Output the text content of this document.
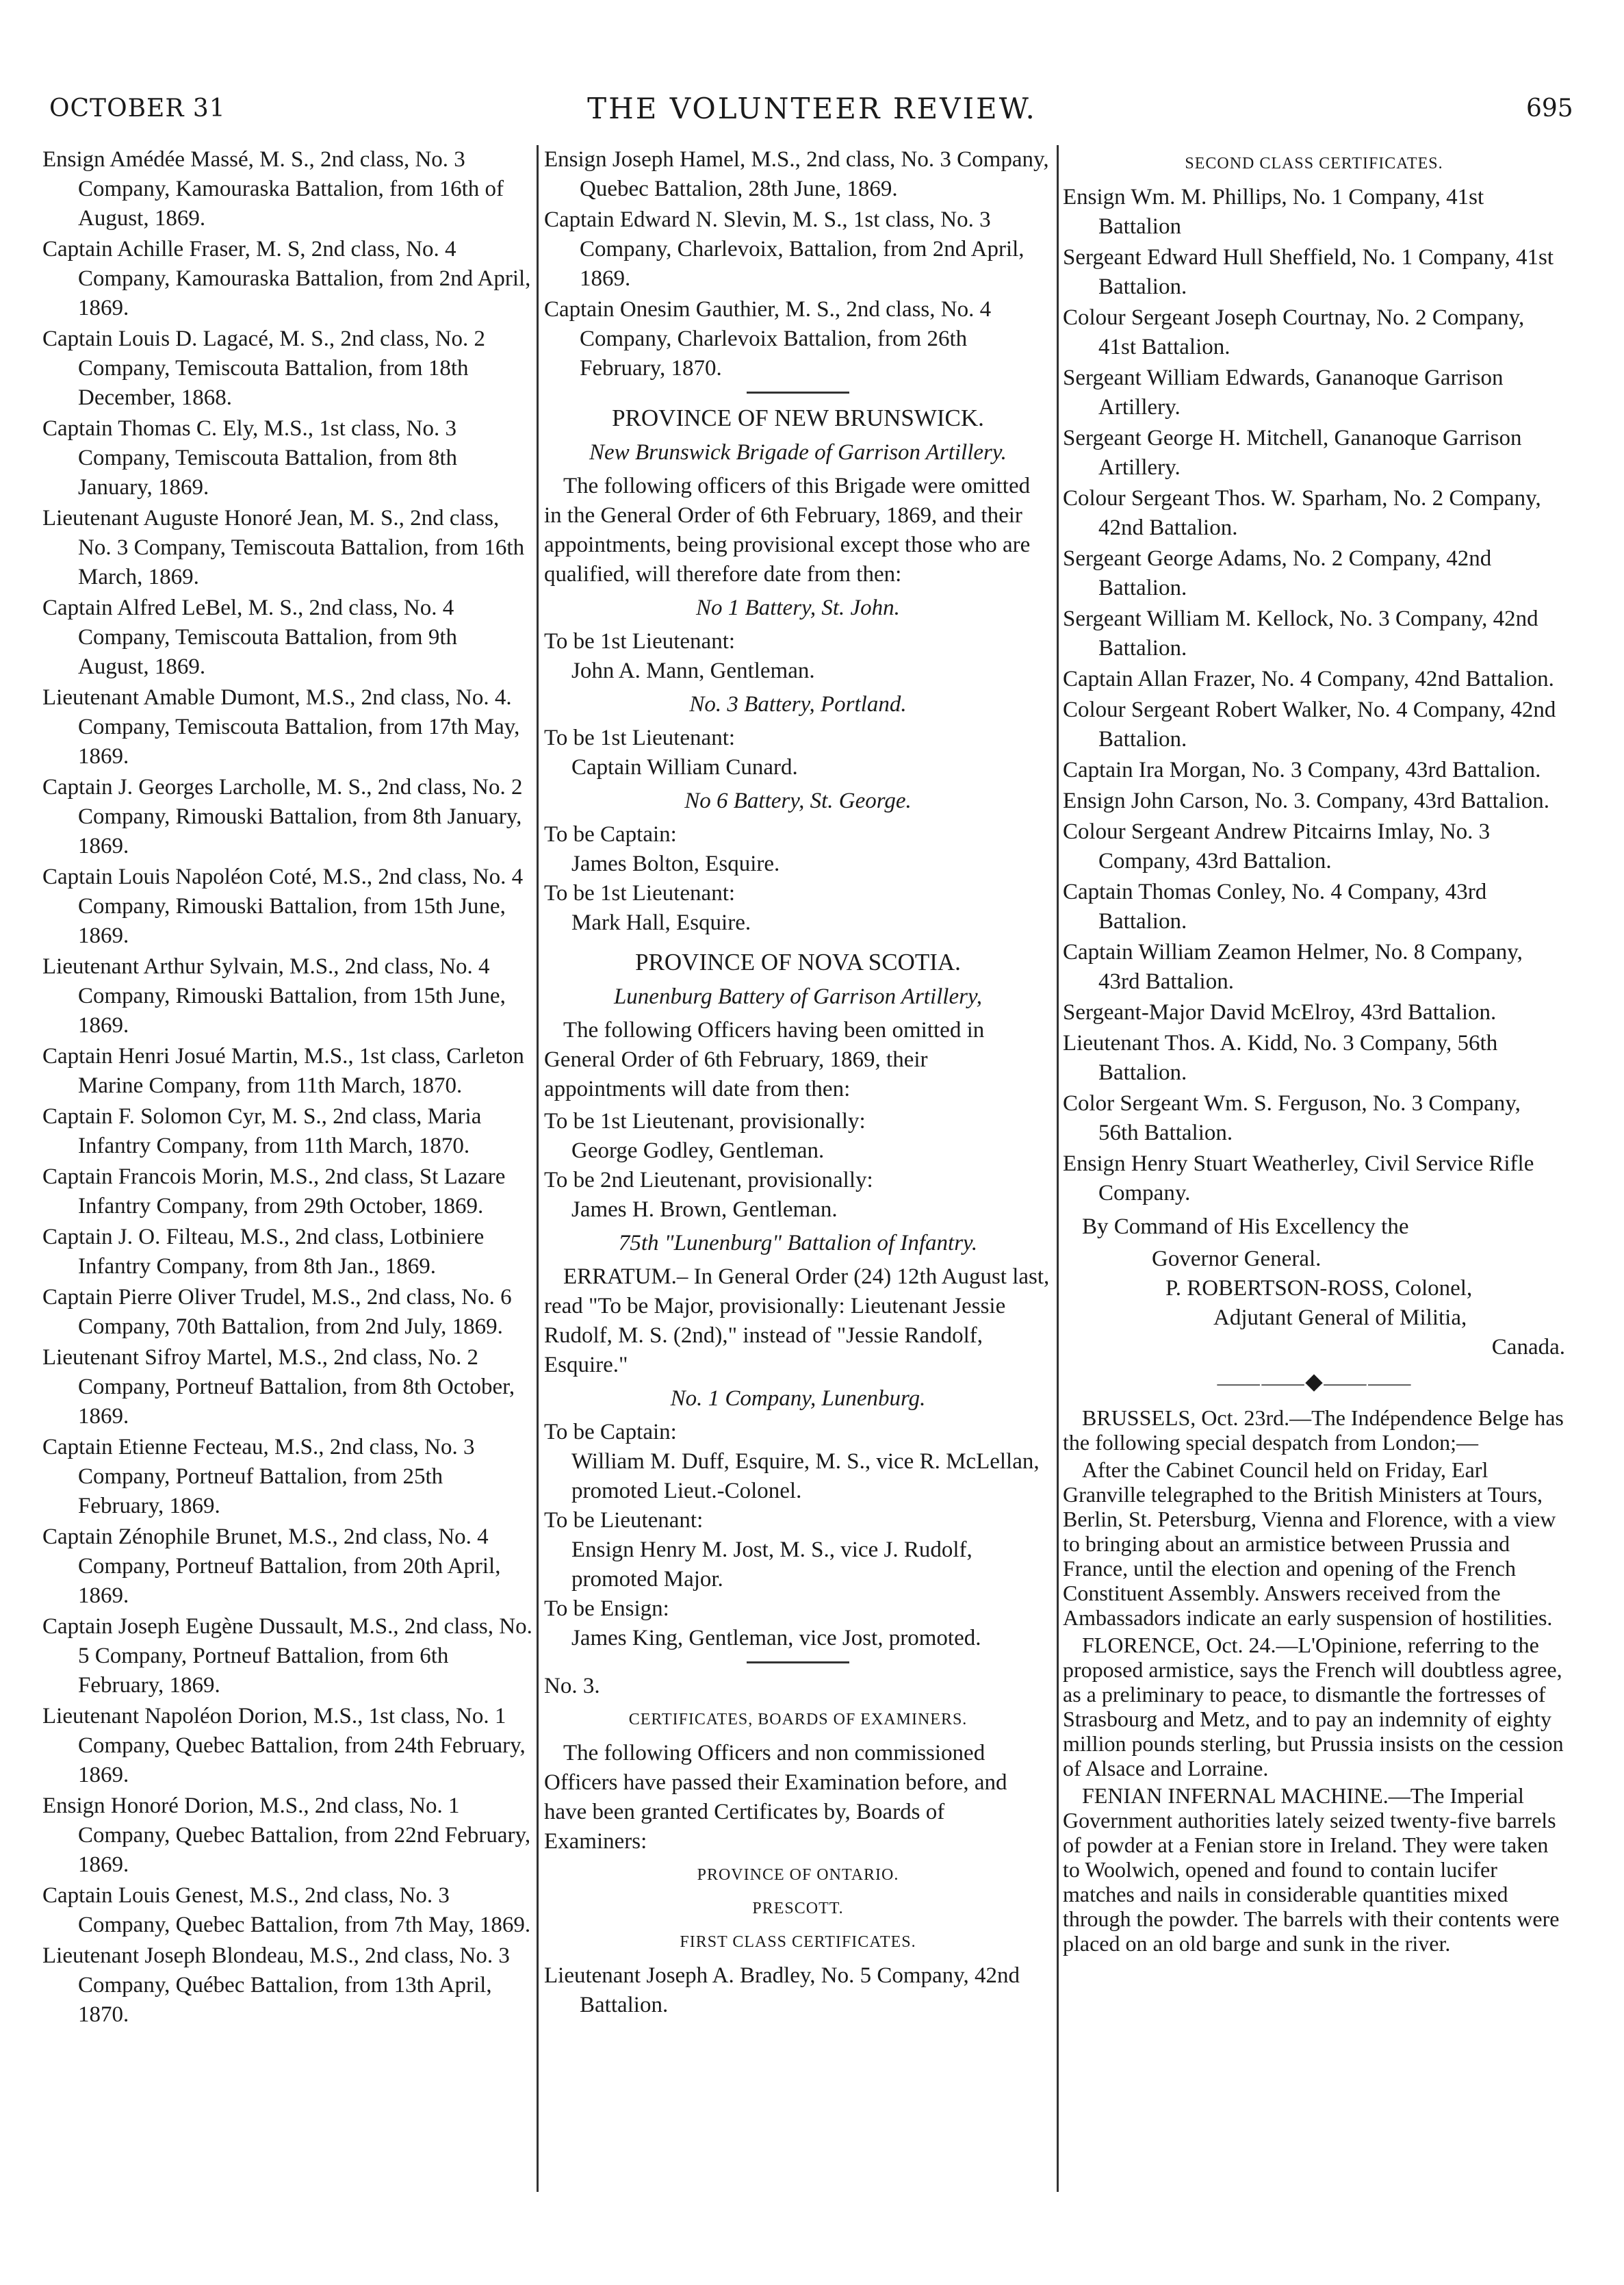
OCTOBER 31	THE VOLUNTEER REVIEW.	695

Ensign Amédée Massé, M. S., 2nd class, No. 3 Company, Kamouraska Battalion, from 16th of August, 1869.

Captain Achille Fraser, M. S, 2nd class, No. 4 Company, Kamouraska Battalion, from 2nd April, 1869.

Captain Louis D. Lagacé, M. S., 2nd class, No. 2 Company, Temiscouta Battalion, from 18th December, 1868.

Captain Thomas C. Ely, M.S., 1st class, No. 3 Company, Temiscouta Battalion, from 8th January, 1869.

Lieutenant Auguste Honoré Jean, M. S., 2nd class, No. 3 Company, Temiscouta Battalion, from 16th March, 1869.

Captain Alfred LeBel, M. S., 2nd class, No. 4 Company, Temiscouta Battalion, from 9th August, 1869.

Lieutenant Amable Dumont, M.S., 2nd class, No. 4. Company, Temiscouta Battalion, from 17th May, 1869.

Captain J. Georges Larcholle, M. S., 2nd class, No. 2 Company, Rimouski Battalion, from 8th January, 1869.

Captain Louis Napoléon Coté, M.S., 2nd class, No. 4 Company, Rimouski Battalion, from 15th June, 1869.

Lieutenant Arthur Sylvain, M.S., 2nd class, No. 4 Company, Rimouski Battalion, from 15th June, 1869.

Captain Henri Josué Martin, M.S., 1st class, Carleton Marine Company, from 11th March, 1870.

Captain F. Solomon Cyr, M. S., 2nd class, Maria Infantry Company, from 11th March, 1870.

Captain Francois Morin, M.S., 2nd class, St Lazare Infantry Company, from 29th October, 1869.

Captain J. O. Filteau, M.S., 2nd class, Lotbiniere Infantry Company, from 8th Jan., 1869.

Captain Pierre Oliver Trudel, M.S., 2nd class, No. 6 Company, 70th Battalion, from 2nd July, 1869.

Lieutenant Sifroy Martel, M.S., 2nd class, No. 2 Company, Portneuf Battalion, from 8th October, 1869.

Captain Etienne Fecteau, M.S., 2nd class, No. 3 Company, Portneuf Battalion, from 25th February, 1869.

Captain Zénophile Brunet, M.S., 2nd class, No. 4 Company, Portneuf Battalion, from 20th April, 1869.

Captain Joseph Eugène Dussault, M.S., 2nd class, No. 5 Company, Portneuf Battalion, from 6th February, 1869.

Lieutenant Napoléon Dorion, M.S., 1st class, No. 1 Company, Quebec Battalion, from 24th February, 1869.

Ensign Honoré Dorion, M.S., 2nd class, No. 1 Company, Quebec Battalion, from 22nd February, 1869.

Captain Louis Genest, M.S., 2nd class, No. 3 Company, Quebec Battalion, from 7th May, 1869.

Lieutenant Joseph Blondeau, M.S., 2nd class, No. 3 Company, Québec Battalion, from 13th April, 1870.

Ensign Joseph Hamel, M.S., 2nd class, No. 3 Company, Quebec Battalion, 28th June, 1869.

Captain Edward N. Slevin, M. S., 1st class, No. 3 Company, Charlevoix, Battalion, from 2nd April, 1869.

Captain Onesim Gauthier, M. S., 2nd class, No. 4 Company, Charlevoix Battalion, from 26th February, 1870.

PROVINCE OF NEW BRUNSWICK.
New Brunswick Brigade of Garrison Artillery.

The following officers of this Brigade were omitted in the General Order of 6th February, 1869, and their appointments, being provisional except those who are qualified, will therefore date from then:

No 1 Battery, St. John.

To be 1st Lieutenant:

John A. Mann, Gentleman.

No. 3 Battery, Portland.

To be 1st Lieutenant:

Captain William Cunard.

No 6 Battery, St. George.

To be Captain:

James Bolton, Esquire.

To be 1st Lieutenant:

Mark Hall, Esquire.

PROVINCE OF NOVA SCOTIA.
Lunenburg Battery of Garrison Artillery,

The following Officers having been omitted in General Order of 6th February, 1869, their appointments will date from then:

To be 1st Lieutenant, provisionally:

George Godley, Gentleman.

To be 2nd Lieutenant, provisionally:

James H. Brown, Gentleman.

75th "Lunenburg" Battalion of Infantry.

ERRATUM.– In General Order (24) 12th August last, read "To be Major, provisionally: Lieutenant Jessie Rudolf, M. S. (2nd)," instead of "Jessie Randolf, Esquire."

No. 1 Company, Lunenburg.

To be Captain:

William M. Duff, Esquire, M. S., vice R. McLellan, promoted Lieut.-Colonel.

To be Lieutenant:

Ensign Henry M. Jost, M. S., vice J. Rudolf, promoted Major.

To be Ensign:

James King, Gentleman, vice Jost, promoted.

No. 3.

CERTIFICATES, BOARDS OF EXAMINERS.

The following Officers and non commissioned Officers have passed their Examination before, and have been granted Certificates by, Boards of Examiners:

PROVINCE OF ONTARIO.
PRESCOTT.
FIRST CLASS CERTIFICATES.

Lieutenant Joseph A. Bradley, No. 5 Company, 42nd Battalion.

SECOND CLASS CERTIFICATES.

Ensign Wm. M. Phillips, No. 1 Company, 41st Battalion

Sergeant Edward Hull Sheffield, No. 1 Company, 41st Battalion.

Colour Sergeant Joseph Courtnay, No. 2 Company, 41st Battalion.

Sergeant William Edwards, Gananoque Garrison Artillery.

Sergeant George H. Mitchell, Gananoque Garrison Artillery.

Colour Sergeant Thos. W. Sparham, No. 2 Company, 42nd Battalion.

Sergeant George Adams, No. 2 Company, 42nd Battalion.

Sergeant William M. Kellock, No. 3 Company, 42nd Battalion.

Captain Allan Frazer, No. 4 Company, 42nd Battalion.

Colour Sergeant Robert Walker, No. 4 Company, 42nd Battalion.

Captain Ira Morgan, No. 3 Company, 43rd Battalion.

Ensign John Carson, No. 3. Company, 43rd Battalion.

Colour Sergeant Andrew Pitcairns Imlay, No. 3 Company, 43rd Battalion.

Captain Thomas Conley, No. 4 Company, 43rd Battalion.

Captain William Zeamon Helmer, No. 8 Company, 43rd Battalion.

Sergeant-Major David McElroy, 43rd Battalion.

Lieutenant Thos. A. Kidd, No. 3 Company, 56th Battalion.

Color Sergeant Wm. S. Ferguson, No. 3 Company, 56th Battalion.

Ensign Henry Stuart Weatherley, Civil Service Rifle Company.

By Command of His Excellency the

Governor General.

P. ROBERTSON-ROSS, Colonel,

Adjutant General of Militia,

Canada.

⸻⸻◆⸻⸻

BRUSSELS, Oct. 23rd.—The Indépendence Belge has the following special despatch from London;—

After the Cabinet Council held on Friday, Earl Granville telegraphed to the British Ministers at Tours, Berlin, St. Petersburg, Vienna and Florence, with a view to bringing about an armistice between Prussia and France, until the election and opening of the French Constituent Assembly. Answers received from the Ambassadors indicate an early suspension of hostilities.

FLORENCE, Oct. 24.—L'Opinione, referring to the proposed armistice, says the French will doubtless agree, as a preliminary to peace, to dismantle the fortresses of Strasbourg and Metz, and to pay an indemnity of eighty million pounds sterling, but Prussia insists on the cession of Alsace and Lorraine.

FENIAN INFERNAL MACHINE.—The Imperial Government authorities lately seized twenty-five barrels of powder at a Fenian store in Ireland. They were taken to Woolwich, opened and found to contain lucifer matches and nails in considerable quantities mixed through the powder. The barrels with their contents were placed on an old barge and sunk in the river.
